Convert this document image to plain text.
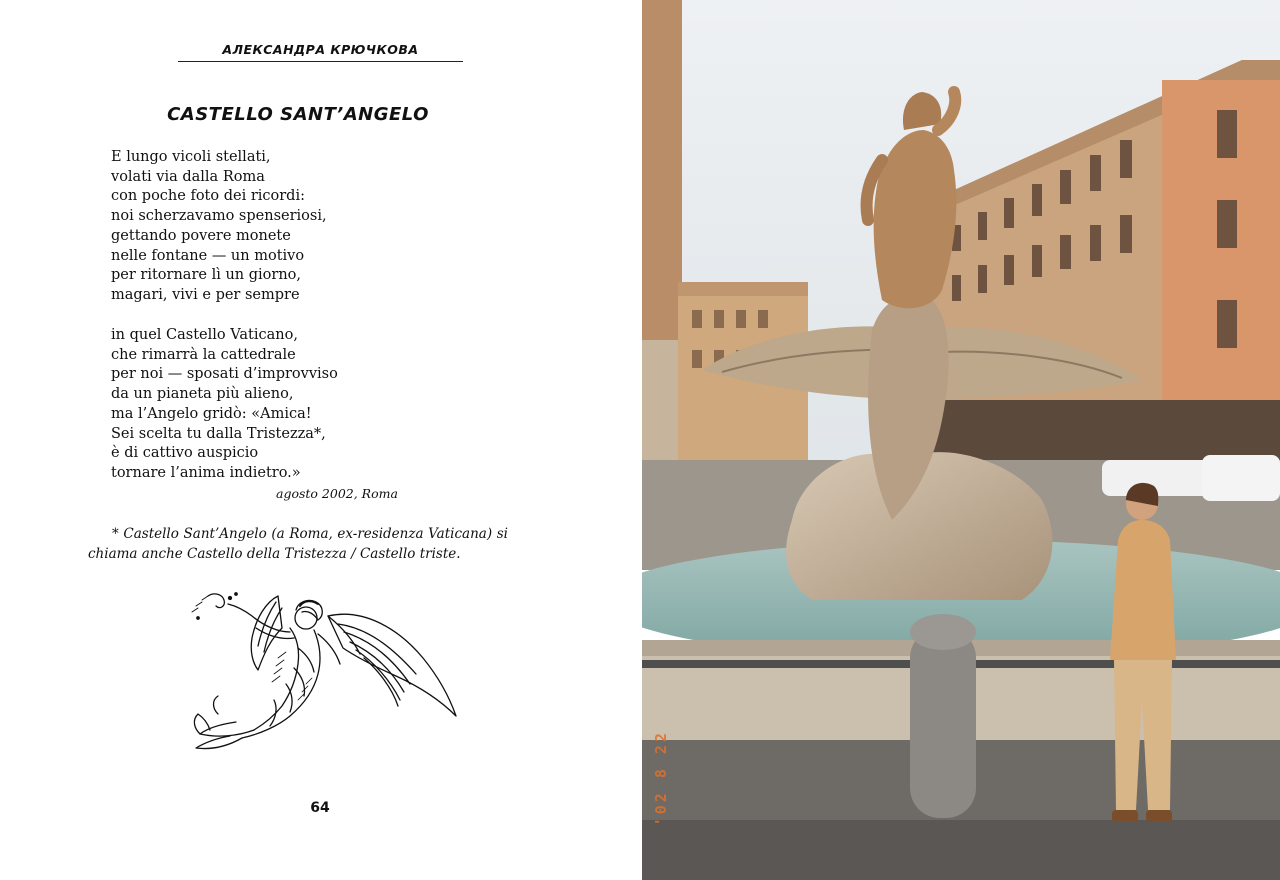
АЛЕКСАНДРА КРЮЧКОВА
CASTELLO SANT’ANGELO
E lungo vicoli stellati,
volati via dalla Roma
con poche foto dei ricordi:
noi scherzavamo spenseriosi,
gettando povere monete
nelle fontane — un motivo
per ritornare lì un giorno,
magari, vivi e per sempre
in quel Castello Vaticano,
che rimarrà la cattedrale
per noi — sposati d’improvviso
da un pianeta più alieno,
ma l’Angelo gridò: «Amica!
Sei scelta tu dalla Tristezza*,
è di cattivo auspicio
tornare l’anima indietro.»
agosto 2002, Roma
* Castello Sant’Angelo (a Roma, ex-residenza Vaticana) si chiama anche Castello della Tristezza / Castello triste.
64	'02 8 22
